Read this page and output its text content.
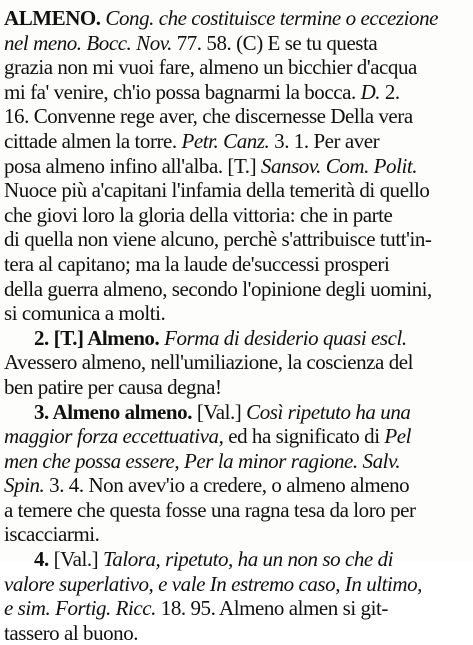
ALMENO. Cong. che costituisce termine o eccezione
nel meno. Bocc. Nov. 77. 58. (C) E se tu questa
grazia non mi vuoi fare, almeno un bicchier d'acqua
mi fa' venire, ch'io possa bagnarmi la bocca. D. 2.
16. Convenne rege aver, che discernesse Della vera
cittade almen la torre. Petr. Canz. 3. 1. Per aver
posa almeno infino all'alba. [T.] Sansov. Com. Polit.
Nuoce più a'capitani l'infamia della temerità di quello
che giovi loro la gloria della vittoria: che in parte
di quella non viene alcuno, perchè s'attribuisce tutt'in-
tera al capitano; ma la laude de'successi prosperi
della guerra almeno, secondo l'opinione degli uomini,
si comunica a molti.
2. [T.] Almeno. Forma di desiderio quasi escl.
Avessero almeno, nell'umiliazione, la coscienza del
ben patire per causa degna!
3. Almeno almeno. [Val.] Così ripetuto ha una
maggior forza eccettuativa, ed ha significato di Pel
men che possa essere, Per la minor ragione. Salv.
Spin. 3. 4. Non avev'io a credere, o almeno almeno
a temere che questa fosse una ragna tesa da loro per
iscacciarmi.
4. [Val.] Talora, ripetuto, ha un non so che di
valore superlativo, e vale In estremo caso, In ultimo,
e sim. Fortig. Ricc. 18. 95. Almeno almen si git-
tassero al buono.
